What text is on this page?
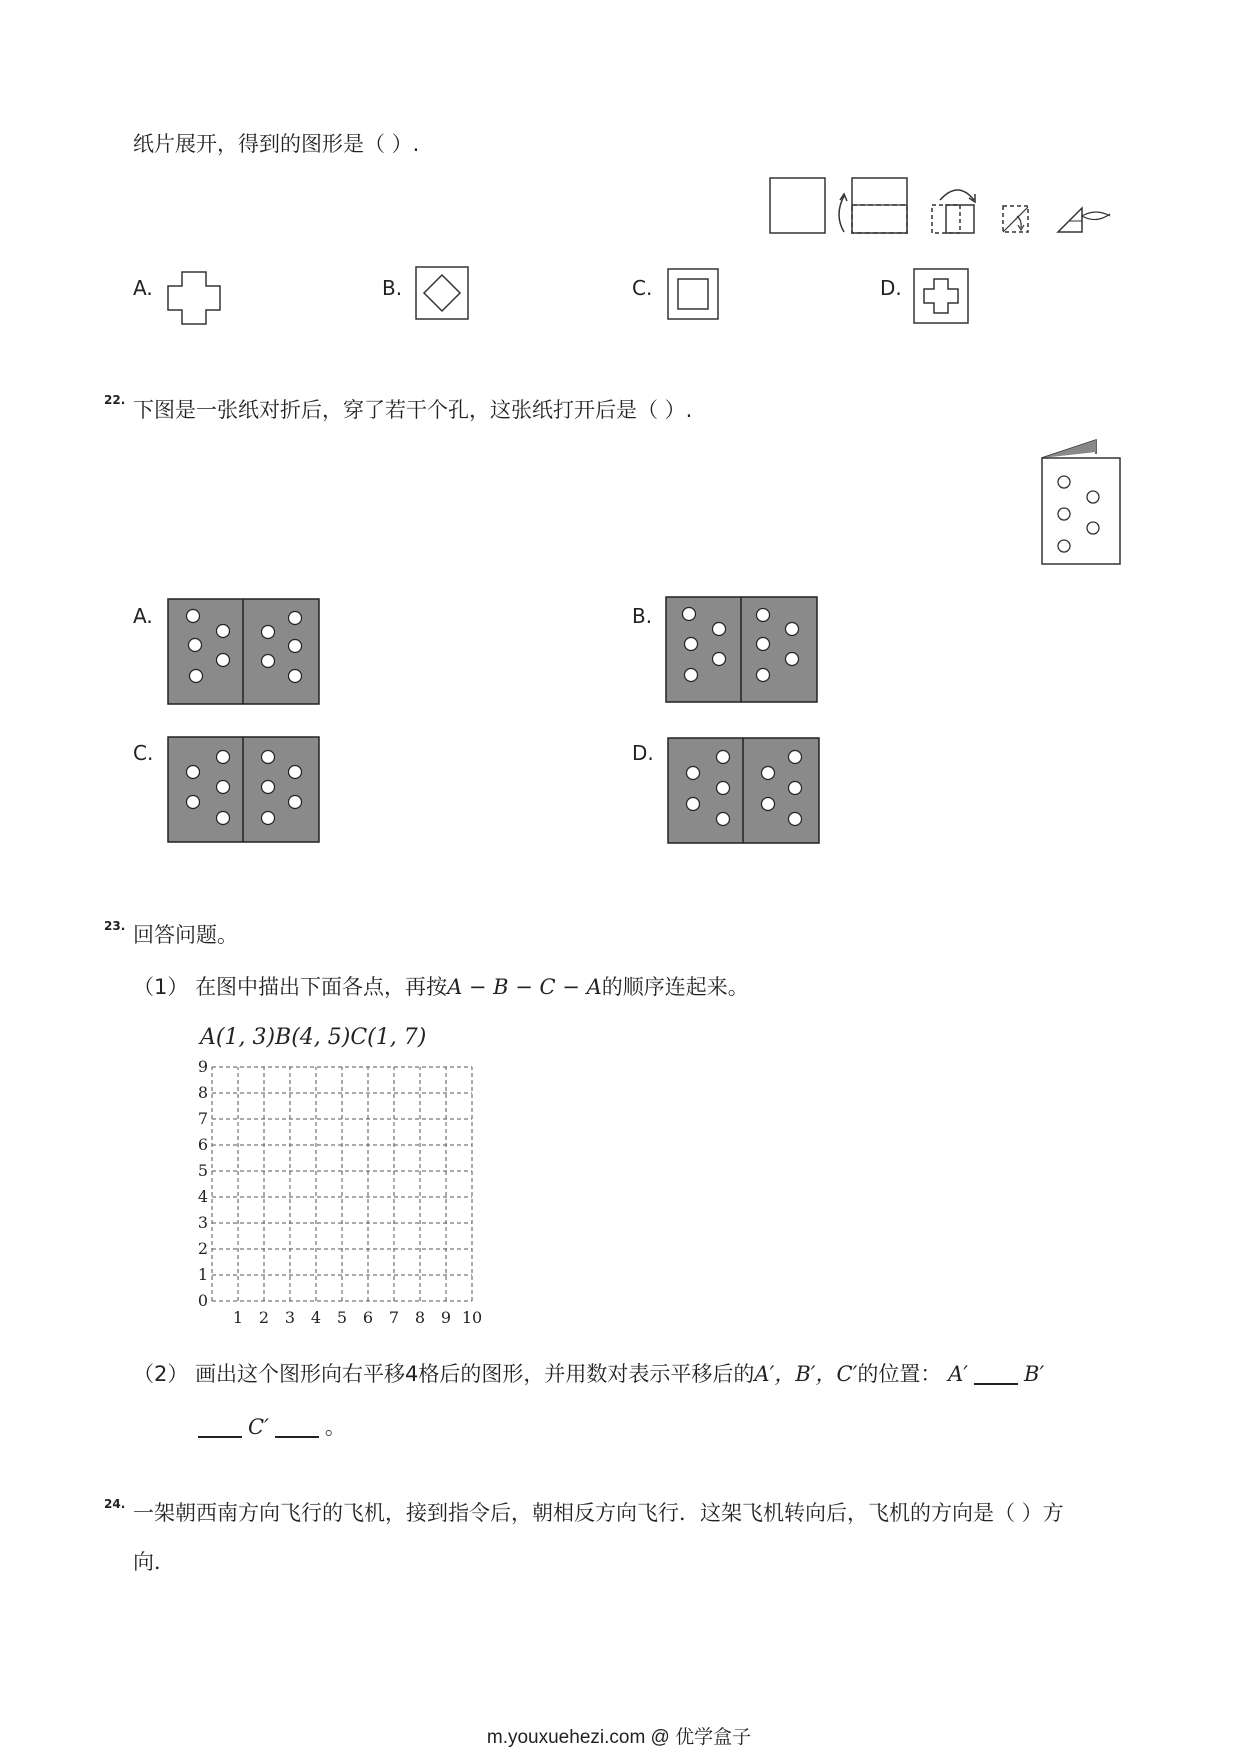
纸片展开，得到的图形是（ ）.
A.	B.	C.	D.
22. 下图是一张纸对折后，穿了若干个孔，这张纸打开后是（ ）.
A.	B.
C.	D.
23. 回答问题。
（1） 在图中描出下面各点，再按A − B − C − A的顺序连起来。
A(1, 3)B(4, 5)C(1, 7)
1 2 3 4 5 6 7 8 9 10
0
1
2
3
4
5
6
7
8
9
（2） 画出这个图形向右平移4格后的图形，并用数对表示平移后的A′，B′，C′的位置： A′	B′
C′	。
24. 一架朝西南方向飞行的飞机，接到指令后，朝相反方向飞行．这架飞机转向后，飞机的方向是（ ）方
向．
m.youxuehezi.com @ 优学盒子
